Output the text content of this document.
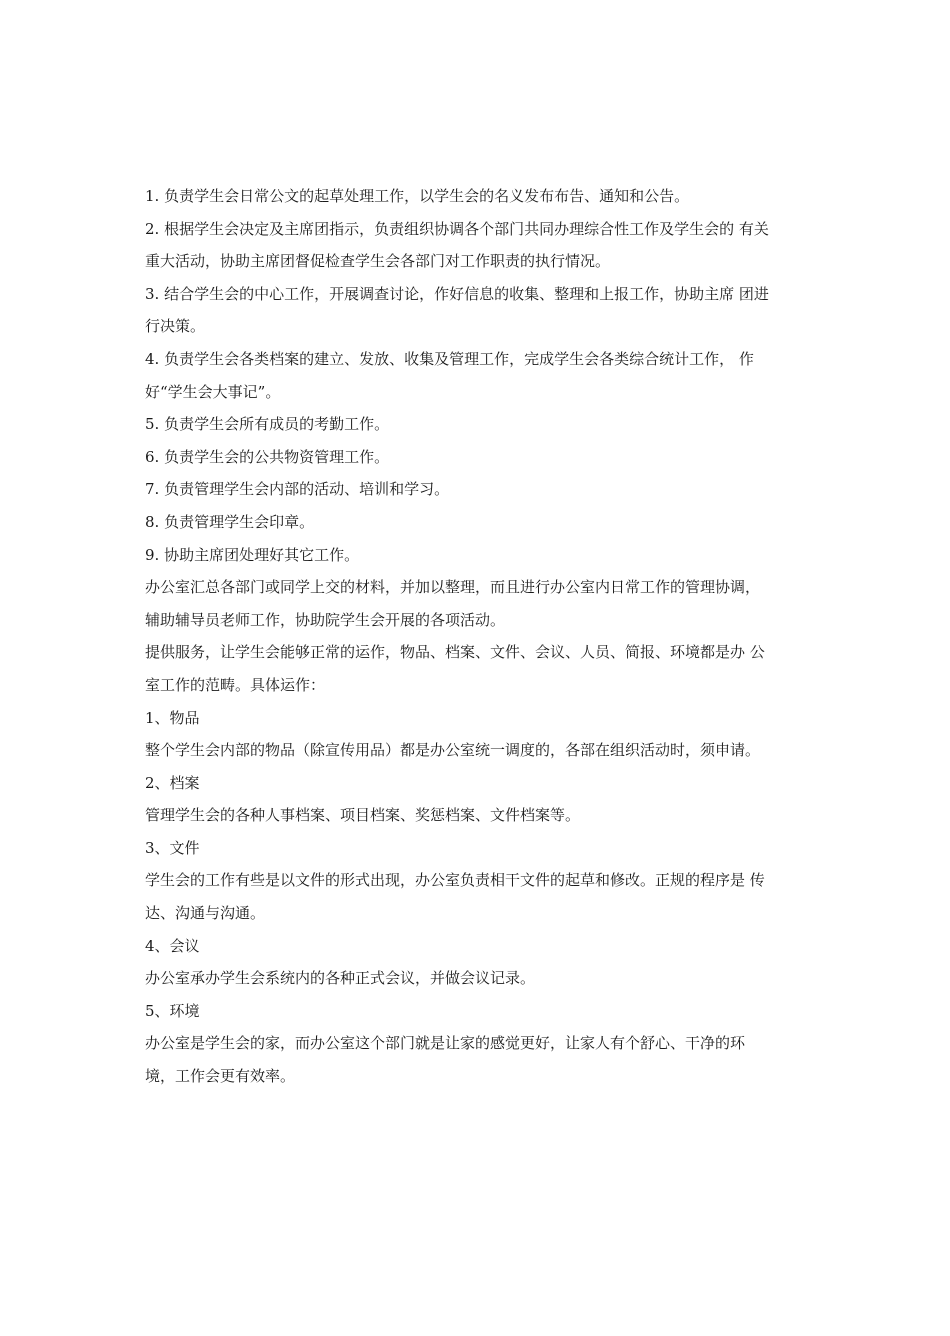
1. 负责学生会日常公文的起草处理工作，以学生会的名义发布布告、通知和公告。
2. 根据学生会决定及主席团指示，负责组织协调各个部门共同办理综合性工作及学生会的 有关
重大活动，协助主席团督促检查学生会各部门对工作职责的执行情况。
3. 结合学生会的中心工作，开展调查讨论，作好信息的收集、整理和上报工作，协助主席 团进
行决策。
4. 负责学生会各类档案的建立、发放、收集及管理工作，完成学生会各类综合统计工作， 作
好“学生会大事记”。
5. 负责学生会所有成员的考勤工作。
6. 负责学生会的公共物资管理工作。
7. 负责管理学生会内部的活动、培训和学习。
8. 负责管理学生会印章。
9. 协助主席团处理好其它工作。
办公室汇总各部门或同学上交的材料，并加以整理，而且进行办公室内日常工作的管理协调，
辅助辅导员老师工作，协助院学生会开展的各项活动。
提供服务，让学生会能够正常的运作，物品、档案、文件、会议、人员、简报、环境都是办 公
室工作的范畴。具体运作：
1、物品
整个学生会内部的物品（除宣传用品）都是办公室统一调度的，各部在组织活动时，须申请。
2、档案
管理学生会的各种人事档案、项目档案、奖惩档案、文件档案等。
3、文件
学生会的工作有些是以文件的形式出现，办公室负责相干文件的起草和修改。正规的程序是 传
达、沟通与沟通。
4、会议
办公室承办学生会系统内的各种正式会议，并做会议记录。
5、环境
办公室是学生会的家，而办公室这个部门就是让家的感觉更好，让家人有个舒心、干净的环
境，工作会更有效率。
